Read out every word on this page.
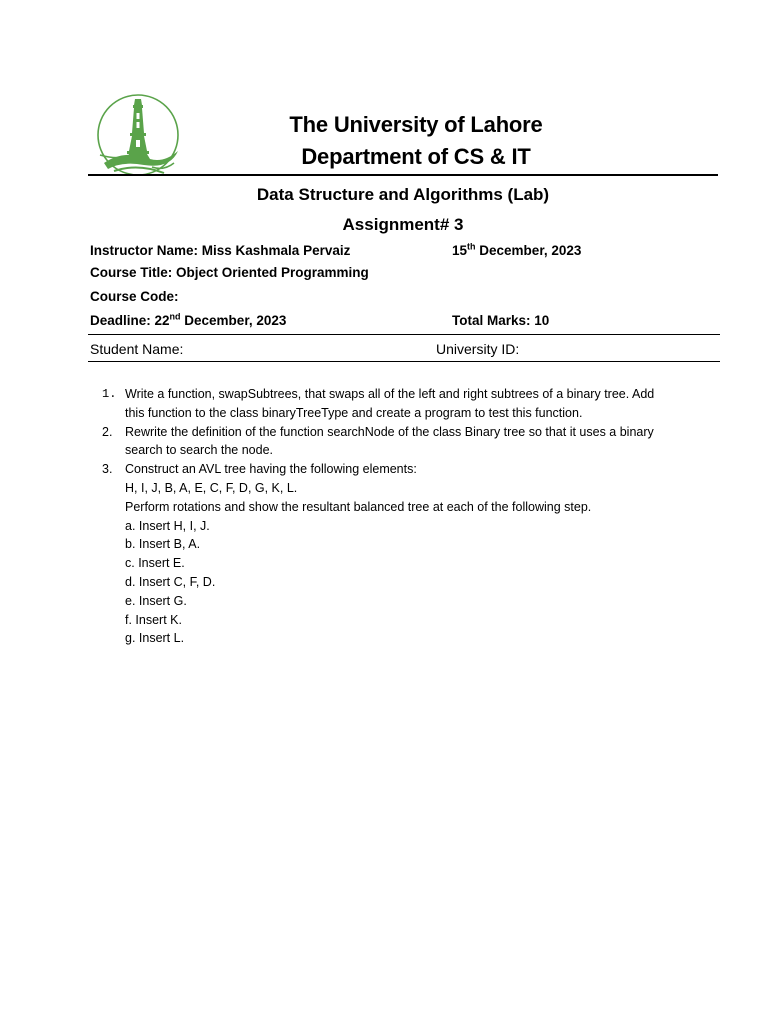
The University of Lahore
Department of CS & IT
Data Structure and Algorithms (Lab)
Assignment# 3
Instructor Name: Miss Kashmala Pervaiz	15th December, 2023
Course Title: Object Oriented Programming
Course Code:
Deadline: 22nd December, 2023	Total Marks: 10
Student Name:	University ID:
1. Write a function, swapSubtrees, that swaps all of the left and right subtrees of a binary tree. Add
this function to the class binaryTreeType and create a program to test this function.
2. Rewrite the definition of the function searchNode of the class Binary tree so that it uses a binary
search to search the node.
3. Construct an AVL tree having the following elements:
H, I, J, B, A, E, C, F, D, G, K, L.
Perform rotations and show the resultant balanced tree at each of the following step.
a. Insert H, I, J.
b. Insert B, A.
c. Insert E.
d. Insert C, F, D.
e. Insert G.
f. Insert K.
g. Insert L.
